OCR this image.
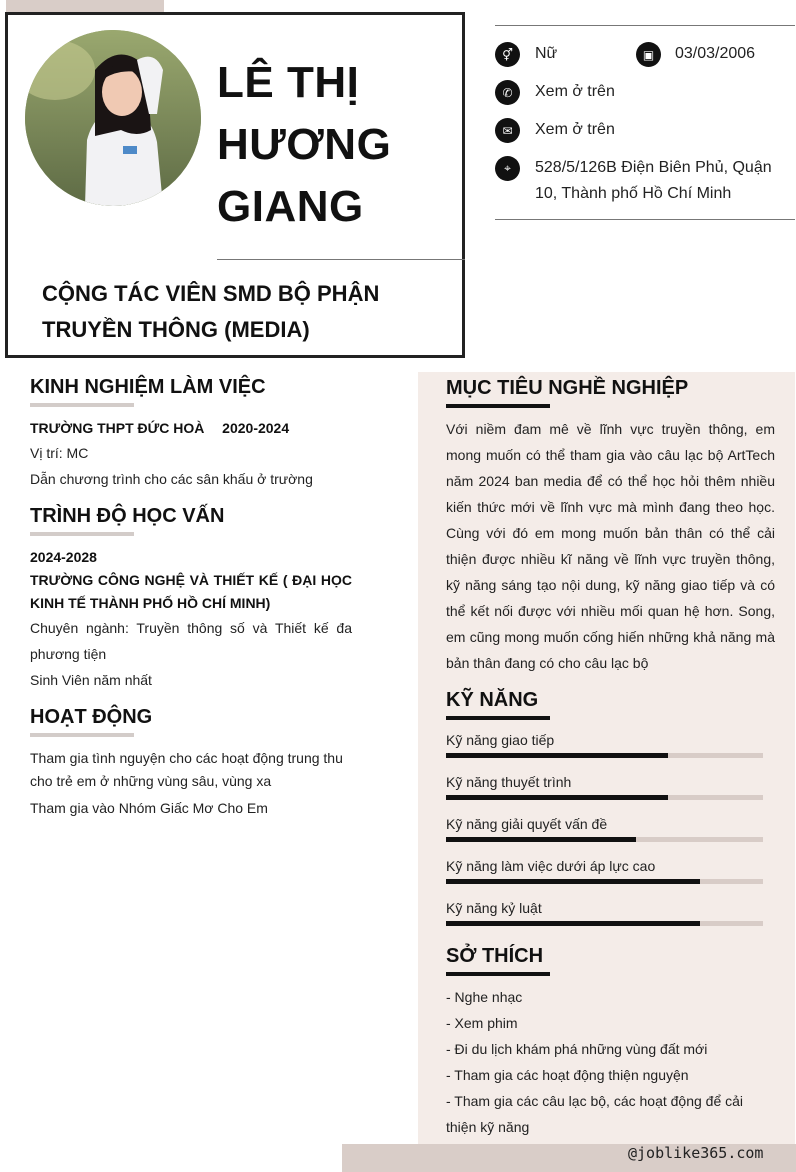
LÊ THỊ
HƯƠNG
GIANG
CỘNG TÁC VIÊN SMD BỘ PHẬN
TRUYỀN THÔNG (MEDIA)
⚥	Nữ	▣	03/03/2006
✆	Xem ở trên
✉	Xem ở trên
⌖	528/5/126B Điện Biên Phủ, Quận
10, Thành phố Hồ Chí Minh
KINH NGHIỆM LÀM VIỆC
TRƯỜNG THPT ĐỨC HOÀ 2020-2024
Vị trí: MC
Dẫn chương trình cho các sân khấu ở trường
TRÌNH ĐỘ HỌC VẤN
2024-2028
TRƯỜNG CÔNG NGHỆ VÀ THIẾT KẾ ( ĐẠI HỌC KINH TẾ THÀNH PHỐ HỒ CHÍ MINH)
Chuyên ngành: Truyền thông số và Thiết kế đa phương tiện
Sinh Viên năm nhất
HOẠT ĐỘNG
Tham gia tình nguyện cho các hoạt động trung thu cho trẻ em ở những vùng sâu, vùng xa
Tham gia vào Nhóm Giấc Mơ Cho Em
MỤC TIÊU NGHỀ NGHIỆP
Với niềm đam mê về lĩnh vực truyền thông, em mong muốn có thể tham gia vào câu lạc bộ ArtTech năm 2024 ban media để có thể học hỏi thêm nhiều kiến thức mới về lĩnh vực mà mình đang theo học. Cùng với đó em mong muốn bản thân có thể cải thiện được nhiều kĩ năng về lĩnh vực truyền thông, kỹ năng sáng tạo nội dung, kỹ năng giao tiếp và có thể kết nối được với nhiều mối quan hệ hơn. Song, em cũng mong muốn cống hiến những khả năng mà bản thân đang có cho câu lạc bộ
KỸ NĂNG
Kỹ năng giao tiếp
Kỹ năng thuyết trình
Kỹ năng giải quyết vấn đề
Kỹ năng làm việc dưới áp lực cao
Kỹ năng kỷ luật
SỞ THÍCH
- Nghe nhạc
- Xem phim
- Đi du lịch khám phá những vùng đất mới
- Tham gia các hoạt động thiện nguyện
- Tham gia các câu lạc bộ, các hoạt động để cải thiện kỹ năng
@joblike365.com
